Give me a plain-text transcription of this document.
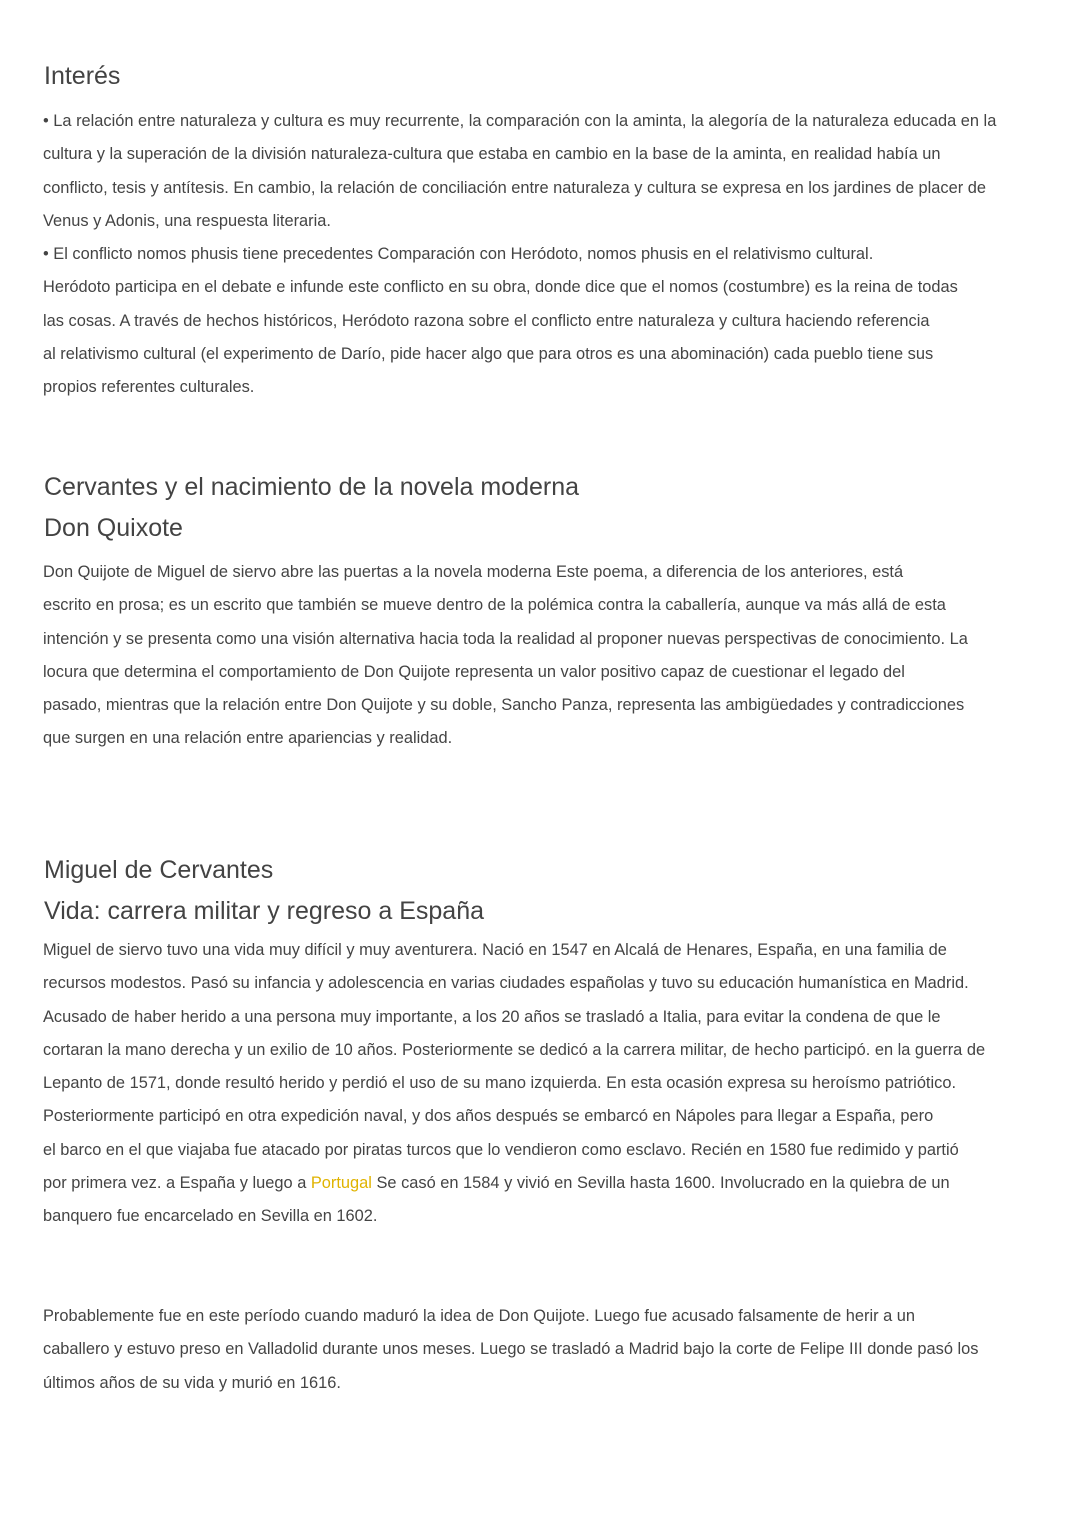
Interés
• La relación entre naturaleza y cultura es muy recurrente, la comparación con la aminta, la alegoría de la naturaleza educada en la
cultura y la superación de la división naturaleza-cultura que estaba en cambio en la base de la aminta, en realidad había un
conflicto, tesis y antítesis. En cambio, la relación de conciliación entre naturaleza y cultura se expresa en los jardines de placer de
Venus y Adonis, una respuesta literaria.
• El conflicto nomos phusis tiene precedentes Comparación con Heródoto, nomos phusis en el relativismo cultural.
Heródoto participa en el debate e infunde este conflicto en su obra, donde dice que el nomos (costumbre) es la reina de todas
las cosas. A través de hechos históricos, Heródoto razona sobre el conflicto entre naturaleza y cultura haciendo referencia
al relativismo cultural (el experimento de Darío, pide hacer algo que para otros es una abominación) cada pueblo tiene sus
propios referentes culturales.
Cervantes y el nacimiento de la novela moderna
Don Quixote
Don Quijote de Miguel de siervo abre las puertas a la novela moderna Este poema, a diferencia de los anteriores, está
escrito en prosa; es un escrito que también se mueve dentro de la polémica contra la caballería, aunque va más allá de esta
intención y se presenta como una visión alternativa hacia toda la realidad al proponer nuevas perspectivas de conocimiento. La
locura que determina el comportamiento de Don Quijote representa un valor positivo capaz de cuestionar el legado del
pasado, mientras que la relación entre Don Quijote y su doble, Sancho Panza, representa las ambigüedades y contradicciones
que surgen en una relación entre apariencias y realidad.
Miguel de Cervantes
Vida: carrera militar y regreso a España
Miguel de siervo tuvo una vida muy difícil y muy aventurera. Nació en 1547 en Alcalá de Henares, España, en una familia de
recursos modestos. Pasó su infancia y adolescencia en varias ciudades españolas y tuvo su educación humanística en Madrid.
Acusado de haber herido a una persona muy importante, a los 20 años se trasladó a Italia, para evitar la condena de que le
cortaran la mano derecha y un exilio de 10 años. Posteriormente se dedicó a la carrera militar, de hecho participó. en la guerra de
Lepanto de 1571, donde resultó herido y perdió el uso de su mano izquierda. En esta ocasión expresa su heroísmo patriótico.
Posteriormente participó en otra expedición naval, y dos años después se embarcó en Nápoles para llegar a España, pero
el barco en el que viajaba fue atacado por piratas turcos que lo vendieron como esclavo. Recién en 1580 fue redimido y partió
por primera vez. a España y luego a Portugal Se casó en 1584 y vivió en Sevilla hasta 1600. Involucrado en la quiebra de un
banquero fue encarcelado en Sevilla en 1602.
Probablemente fue en este período cuando maduró la idea de Don Quijote. Luego fue acusado falsamente de herir a un
caballero y estuvo preso en Valladolid durante unos meses. Luego se trasladó a Madrid bajo la corte de Felipe III donde pasó los
últimos años de su vida y murió en 1616.
